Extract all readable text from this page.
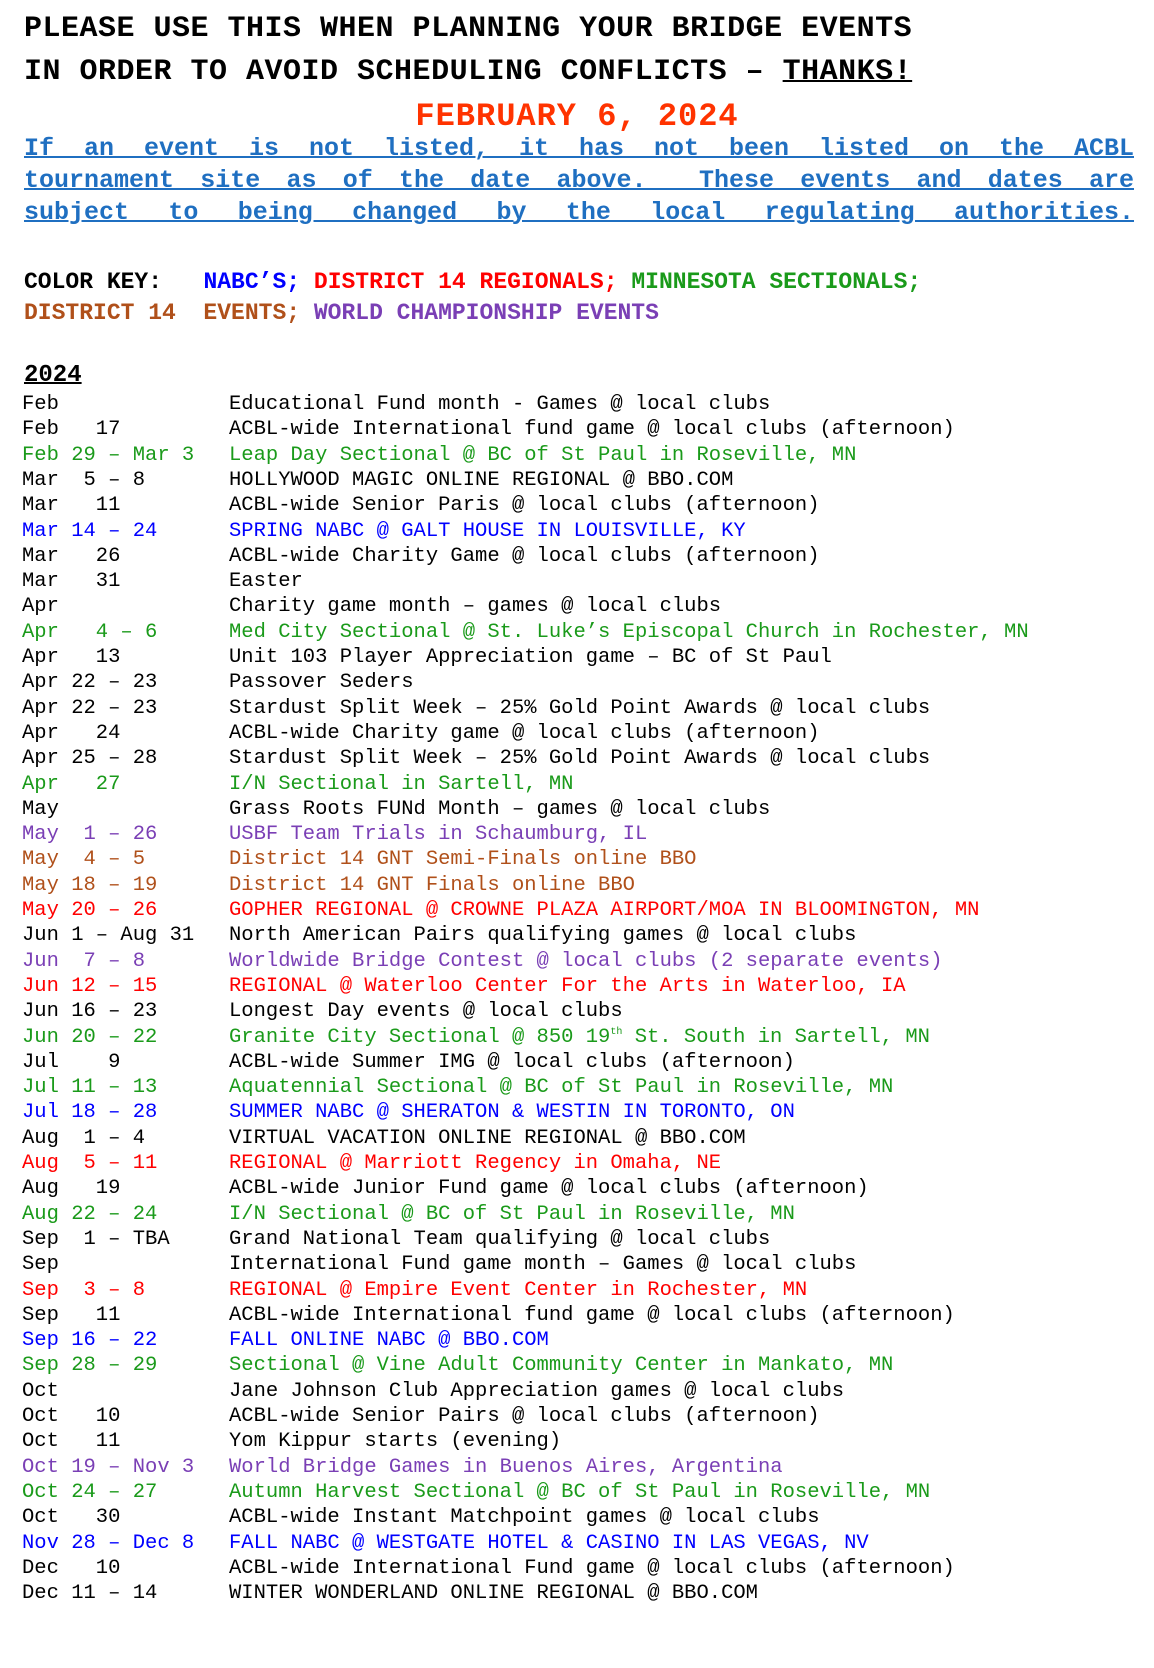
PLEASE USE THIS WHEN PLANNING YOUR BRIDGE EVENTS
IN ORDER TO AVOID SCHEDULING CONFLICTS – THANKS!
FEBRUARY 6, 2024
If an event is not listed, it has not been listed on the ACBL
tournament site as of the date above.  These events and dates are
subject to being changed by the local regulating authorities.
COLOR KEY: NABC’S; DISTRICT 14 REGIONALS; MINNESOTA SECTIONALS;
DISTRICT 14  EVENTS; WORLD CHAMPIONSHIP EVENTS
2024
Feb	Educational Fund month - Games @ local clubs
Feb   17	ACBL-wide International fund game @ local clubs (afternoon)
Feb 29 – Mar 3 Leap Day Sectional @ BC of St Paul in Roseville, MN
Mar  5 – 8	HOLLYWOOD MAGIC ONLINE REGIONAL @ BBO.COM
Mar   11	ACBL-wide Senior Paris @ local clubs (afternoon)
Mar 14 – 24	SPRING NABC @ GALT HOUSE IN LOUISVILLE, KY
Mar   26	ACBL-wide Charity Game @ local clubs (afternoon)
Mar   31	Easter
Apr	Charity game month – games @ local clubs
Apr   4 – 6	Med City Sectional @ St. Luke’s Episcopal Church in Rochester, MN
Apr   13	Unit 103 Player Appreciation game – BC of St Paul
Apr 22 – 23	Passover Seders
Apr 22 – 23	Stardust Split Week – 25% Gold Point Awards @ local clubs
Apr   24	ACBL-wide Charity game @ local clubs (afternoon)
Apr 25 – 28	Stardust Split Week – 25% Gold Point Awards @ local clubs
Apr   27	I/N Sectional in Sartell, MN
May	Grass Roots FUNd Month – games @ local clubs
May  1 – 26	USBF Team Trials in Schaumburg, IL
May  4 – 5	District 14 GNT Semi-Finals online BBO
May 18 – 19	District 14 GNT Finals online BBO
May 20 – 26	GOPHER REGIONAL @ CROWNE PLAZA AIRPORT/MOA IN BLOOMINGTON, MN
Jun 1 – Aug 31 North American Pairs qualifying games @ local clubs
Jun  7 – 8	Worldwide Bridge Contest @ local clubs (2 separate events)
Jun 12 – 15	REGIONAL @ Waterloo Center For the Arts in Waterloo, IA
Jun 16 – 23	Longest Day events @ local clubs
Jun 20 – 22	Granite City Sectional @ 850 19th St. South in Sartell, MN
Jul    9	ACBL-wide Summer IMG @ local clubs (afternoon)
Jul 11 – 13	Aquatennial Sectional @ BC of St Paul in Roseville, MN
Jul 18 – 28	SUMMER NABC @ SHERATON & WESTIN IN TORONTO, ON
Aug  1 – 4	VIRTUAL VACATION ONLINE REGIONAL @ BBO.COM
Aug  5 – 11	REGIONAL @ Marriott Regency in Omaha, NE
Aug   19	ACBL-wide Junior Fund game @ local clubs (afternoon)
Aug 22 – 24	I/N Sectional @ BC of St Paul in Roseville, MN
Sep  1 – TBA	Grand National Team qualifying @ local clubs
Sep	International Fund game month – Games @ local clubs
Sep  3 – 8	REGIONAL @ Empire Event Center in Rochester, MN
Sep   11	ACBL-wide International fund game @ local clubs (afternoon)
Sep 16 – 22	FALL ONLINE NABC @ BBO.COM
Sep 28 – 29	Sectional @ Vine Adult Community Center in Mankato, MN
Oct	Jane Johnson Club Appreciation games @ local clubs
Oct   10	ACBL-wide Senior Pairs @ local clubs (afternoon)
Oct   11	Yom Kippur starts (evening)
Oct 19 – Nov 3 World Bridge Games in Buenos Aires, Argentina
Oct 24 – 27	Autumn Harvest Sectional @ BC of St Paul in Roseville, MN
Oct   30	ACBL-wide Instant Matchpoint games @ local clubs
Nov 28 – Dec 8 FALL NABC @ WESTGATE HOTEL & CASINO IN LAS VEGAS, NV
Dec   10	ACBL-wide International Fund game @ local clubs (afternoon)
Dec 11 – 14	WINTER WONDERLAND ONLINE REGIONAL @ BBO.COM
